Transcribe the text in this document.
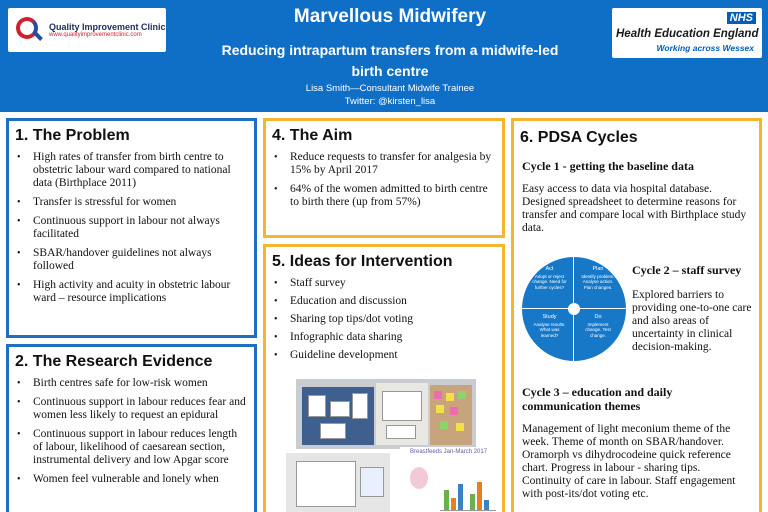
Quality Improvement Clinic
www.qualityimprovementclinic.com
Marvellous Midwifery
Reducing intrapartum transfers from a midwife-led
birth centre
Lisa Smith—Consultant Midwife Trainee
Twitter: @kirsten_lisa
NHS
Health Education England
Working across Wessex
1. The Problem
• High rates of transfer from birth centre to obstetric labour ward compared to national data (Birthplace 2011)
• Transfer is stressful for women
• Continuous support in labour not always facilitated
• SBAR/handover guidelines not always followed
• High activity and acuity in obstetric labour ward – resource implications
2. The Research Evidence
• Birth centres safe for low-risk women
• Continuous support in labour reduces fear and women less likely to request an epidural
• Continuous support in labour reduces length of labour, likelihood of caesarean section, instrumental delivery and low Apgar score
• Women feel vulnerable and lonely when
4. The Aim
• Reduce requests to transfer for analgesia by 15% by April 2017
• 64% of the women admitted to birth centre to birth there (up from 57%)
5. Ideas for Intervention
• Staff survey
• Education and discussion
• Sharing top tips/dot voting
• Infographic data sharing
• Guideline development
Breastfeeds Jan-March 2017
6. PDSA Cycles
Cycle 1 - getting the baseline data
Easy access to data via hospital database. Designed spreadsheet to determine reasons for transfer and compare local with Birthplace study data.
Act
Adopt or reject change. Need for further cycles?
Plan
Identify problem. Analyse action. Plan changes.
Study
Analyse results. What was learned?
Do
Implement change. Test change.
Cycle 2 – staff survey
Explored barriers to providing one-to-one care and also areas of uncertainty in clinical decision-making.
Cycle 3 – education and daily communication themes
Management of light meconium theme of the week. Theme of month on SBAR/handover. Oramorph vs dihydrocodeine quick reference chart. Progress in labour - sharing tips. Continuity of care in labour. Staff engagement with post-its/dot voting etc.
